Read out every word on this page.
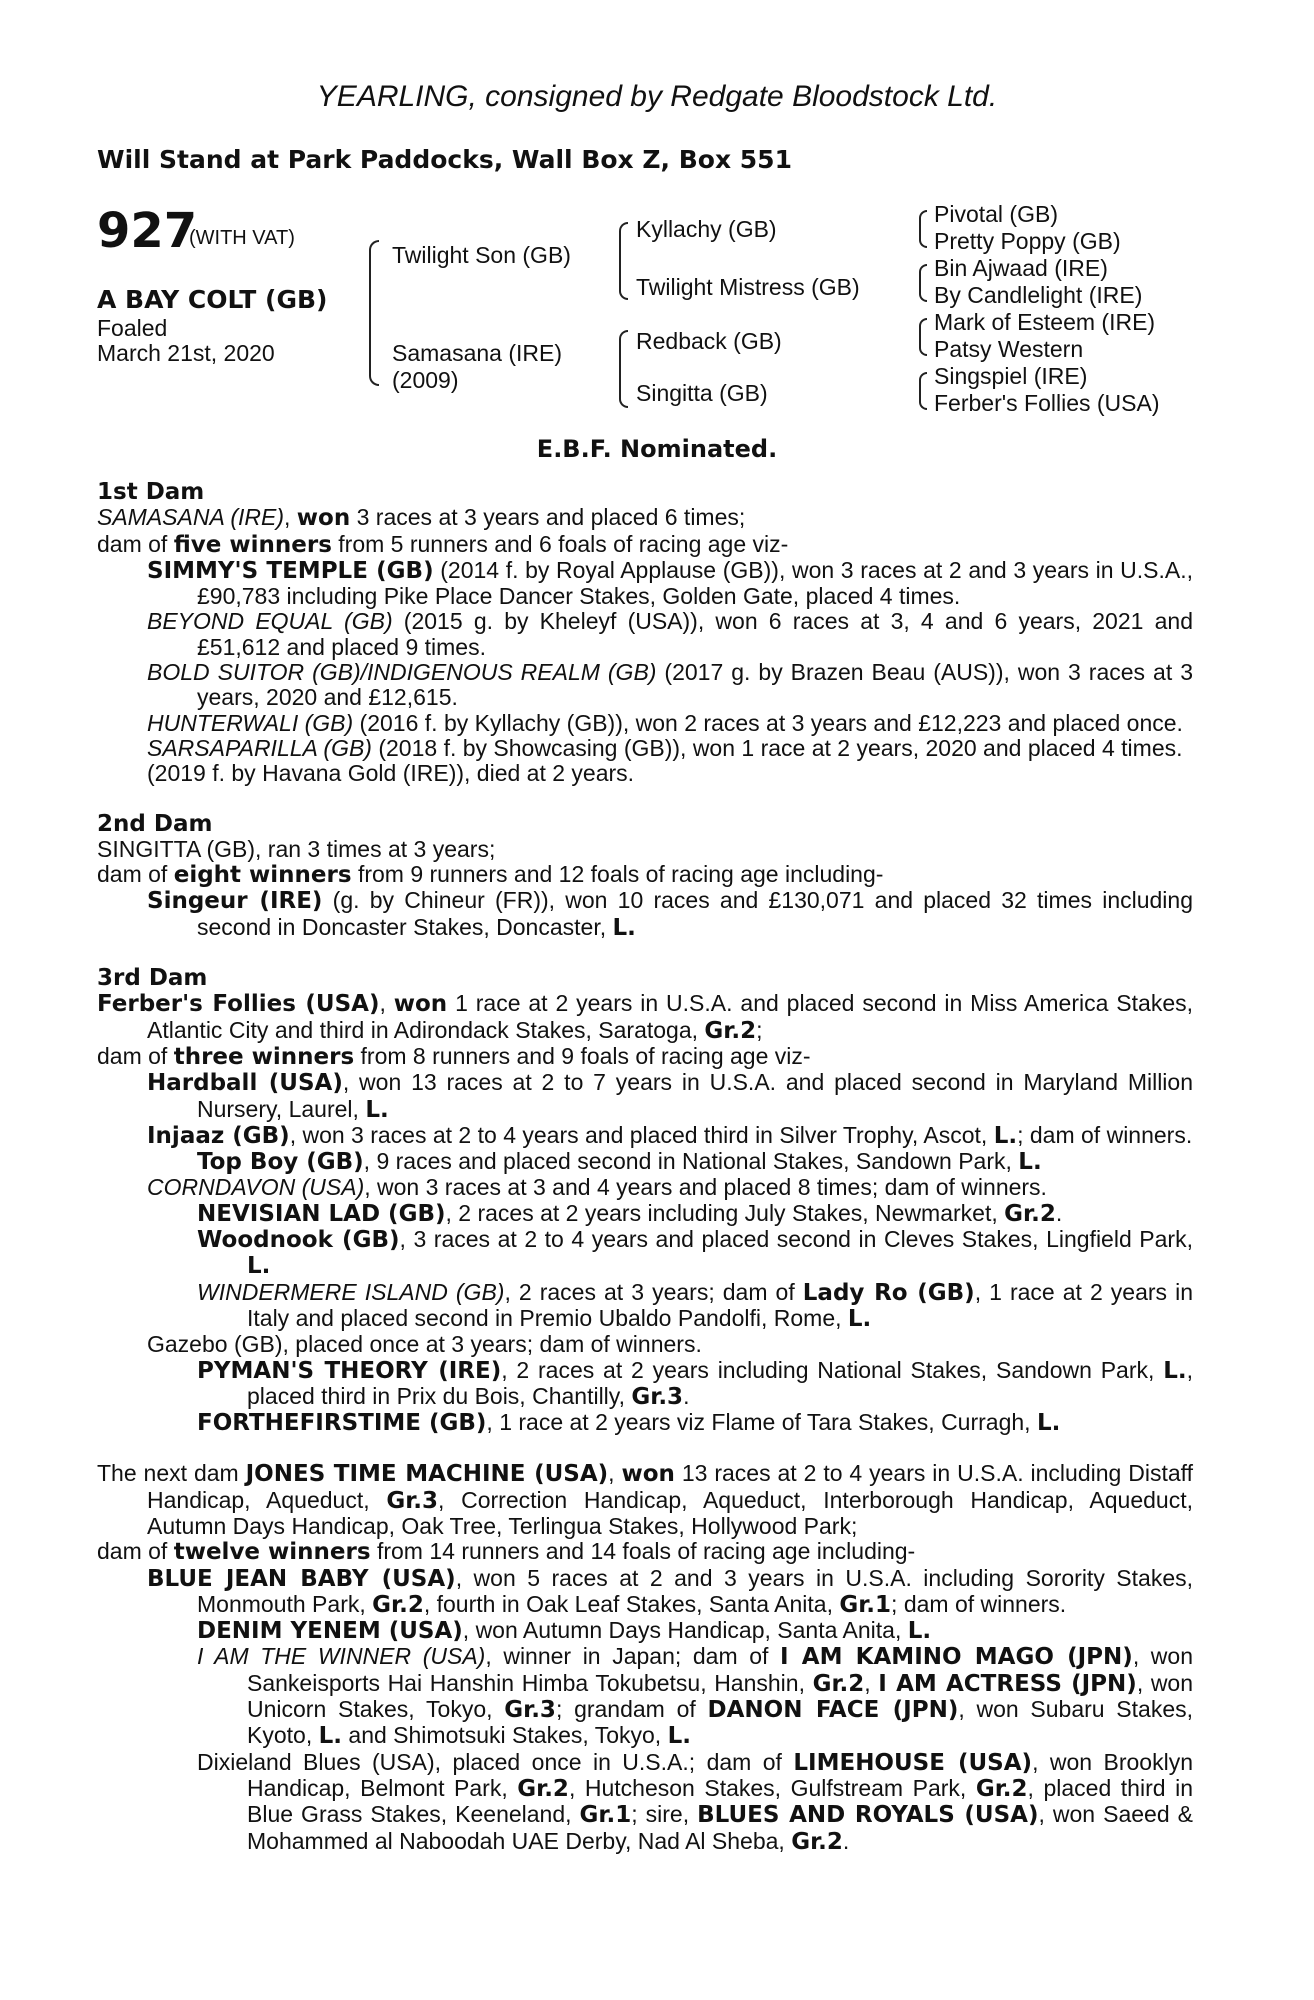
YEARLING, consigned by Redgate Bloodstock Ltd.
Will Stand at Park Paddocks, Wall Box Z, Box 551
927
(WITH VAT)
A BAY COLT (GB)
Foaled
March 21st, 2020
Twilight Son (GB)
Samasana (IRE)
(2009)
Kyllachy (GB)
Twilight Mistress (GB)
Redback (GB)
Singitta (GB)
Pivotal (GB)
Pretty Poppy (GB)
Bin Ajwaad (IRE)
By Candlelight (IRE)
Mark of Esteem (IRE)
Patsy Western
Singspiel (IRE)
Ferber's Follies (USA)
E.B.F. Nominated.
1st Dam

SAMASANA (IRE), won 3 races at 3 years and placed 6 times;

dam of five winners from 5 runners and 6 foals of racing age viz-

SIMMY'S TEMPLE (GB) (2014 f. by Royal Applause (GB)), won 3 races at 2 and 3 years in U.S.A., £90,783 including Pike Place Dancer Stakes, Golden Gate, placed 4 times.

BEYOND EQUAL (GB) (2015 g. by Kheleyf (USA)), won 6 races at 3, 4 and 6 years, 2021 and £51,612 and placed 9 times.

BOLD SUITOR (GB)/INDIGENOUS REALM (GB) (2017 g. by Brazen Beau (AUS)), won 3 races at 3 years, 2020 and £12,615.

HUNTERWALI (GB) (2016 f. by Kyllachy (GB)), won 2 races at 3 years and £12,223 and placed once.

SARSAPARILLA (GB) (2018 f. by Showcasing (GB)), won 1 race at 2 years, 2020 and placed 4 times.

(2019 f. by Havana Gold (IRE)), died at 2 years.

2nd Dam

SINGITTA (GB), ran 3 times at 3 years;

dam of eight winners from 9 runners and 12 foals of racing age including-

Singeur (IRE) (g. by Chineur (FR)), won 10 races and £130,071 and placed 32 times including second in Doncaster Stakes, Doncaster, L.

3rd Dam

Ferber's Follies (USA), won 1 race at 2 years in U.S.A. and placed second in Miss America Stakes, Atlantic City and third in Adirondack Stakes, Saratoga, Gr.2;

dam of three winners from 8 runners and 9 foals of racing age viz-

Hardball (USA), won 13 races at 2 to 7 years in U.S.A. and placed second in Maryland Million Nursery, Laurel, L.

Injaaz (GB), won 3 races at 2 to 4 years and placed third in Silver Trophy, Ascot, L.; dam of winners.

Top Boy (GB), 9 races and placed second in National Stakes, Sandown Park, L.

CORNDAVON (USA), won 3 races at 3 and 4 years and placed 8 times; dam of winners.

NEVISIAN LAD (GB), 2 races at 2 years including July Stakes, Newmarket, Gr.2.

Woodnook (GB), 3 races at 2 to 4 years and placed second in Cleves Stakes, Lingfield Park, L.

WINDERMERE ISLAND (GB), 2 races at 3 years; dam of Lady Ro (GB), 1 race at 2 years in Italy and placed second in Premio Ubaldo Pandolfi, Rome, L.

Gazebo (GB), placed once at 3 years; dam of winners.

PYMAN'S THEORY (IRE), 2 races at 2 years including National Stakes, Sandown Park, L., placed third in Prix du Bois, Chantilly, Gr.3.

FORTHEFIRSTIME (GB), 1 race at 2 years viz Flame of Tara Stakes, Curragh, L.

The next dam JONES TIME MACHINE (USA), won 13 races at 2 to 4 years in U.S.A. including Distaff Handicap, Aqueduct, Gr.3, Correction Handicap, Aqueduct, Interborough Handicap, Aqueduct, Autumn Days Handicap, Oak Tree, Terlingua Stakes, Hollywood Park;

dam of twelve winners from 14 runners and 14 foals of racing age including-

BLUE JEAN BABY (USA), won 5 races at 2 and 3 years in U.S.A. including Sorority Stakes, Monmouth Park, Gr.2, fourth in Oak Leaf Stakes, Santa Anita, Gr.1; dam of winners.

DENIM YENEM (USA), won Autumn Days Handicap, Santa Anita, L.

I AM THE WINNER (USA), winner in Japan; dam of I AM KAMINO MAGO (JPN), won Sankeisports Hai Hanshin Himba Tokubetsu, Hanshin, Gr.2, I AM ACTRESS (JPN), won Unicorn Stakes, Tokyo, Gr.3; grandam of DANON FACE (JPN), won Subaru Stakes, Kyoto, L. and Shimotsuki Stakes, Tokyo, L.

Dixieland Blues (USA), placed once in U.S.A.; dam of LIMEHOUSE (USA), won Brooklyn Handicap, Belmont Park, Gr.2, Hutcheson Stakes, Gulfstream Park, Gr.2, placed third in Blue Grass Stakes, Keeneland, Gr.1; sire, BLUES AND ROYALS (USA), won Saeed & Mohammed al Naboodah UAE Derby, Nad Al Sheba, Gr.2.
